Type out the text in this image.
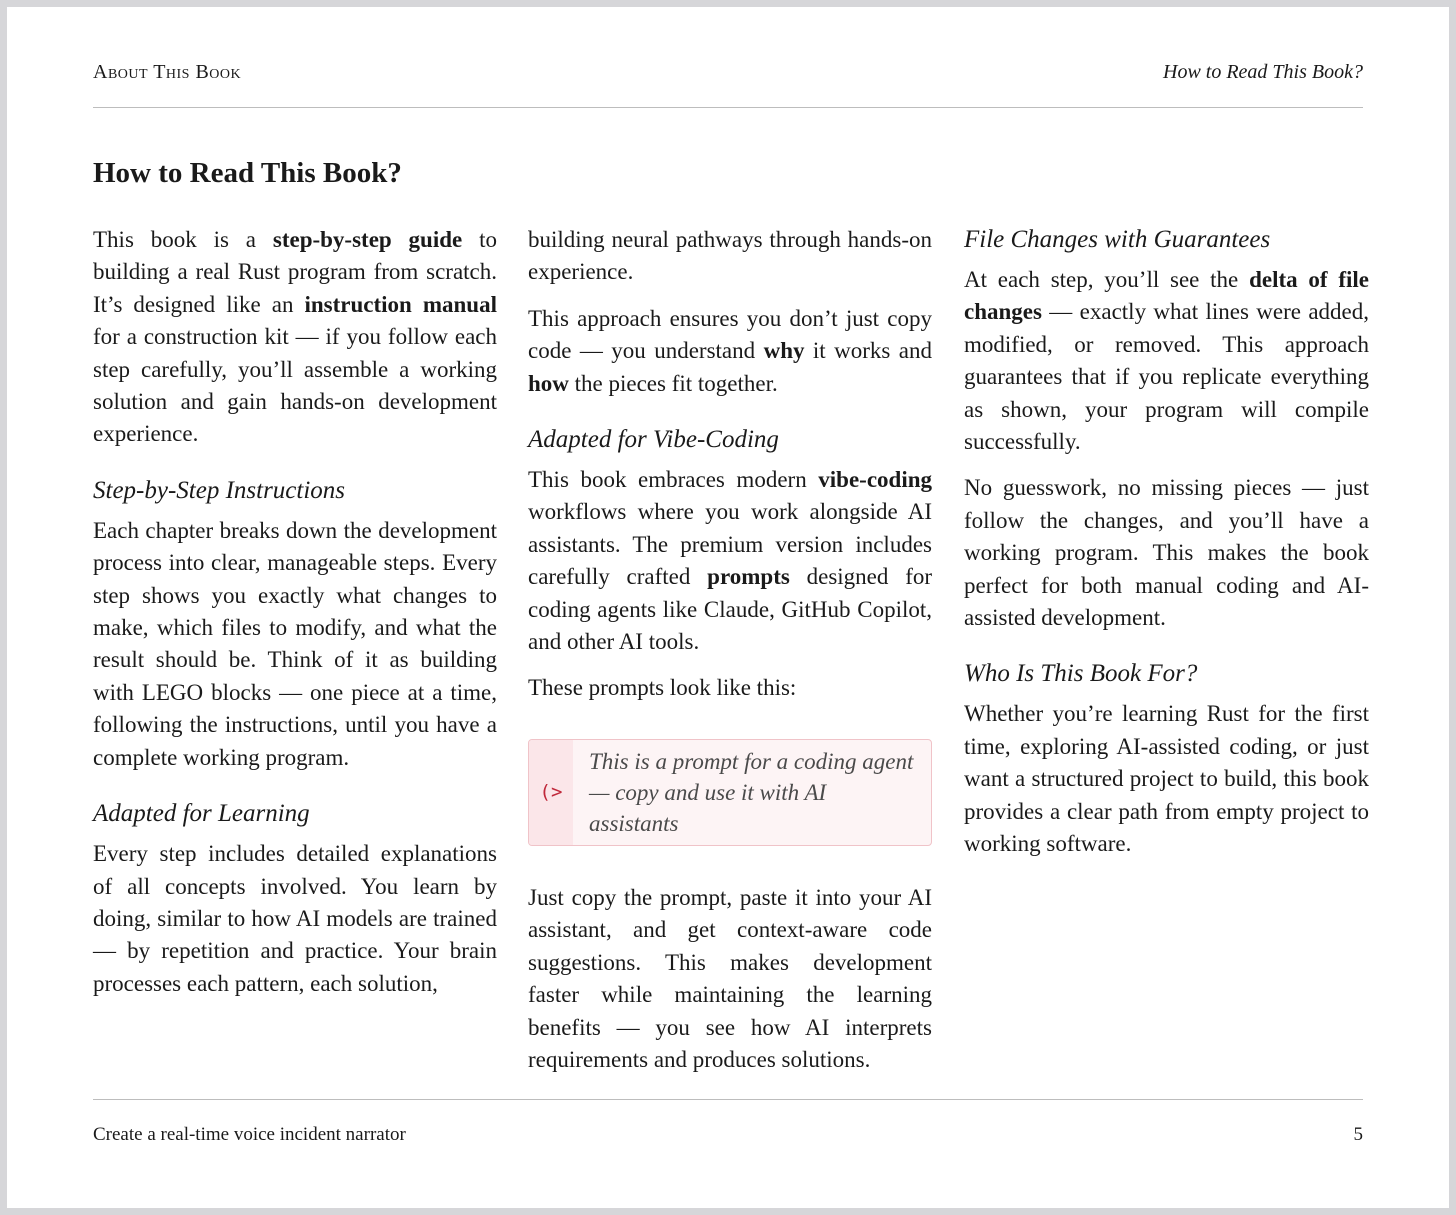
About This Book	How to Read This Book?
How to Read This Book?

This book is a step-by-step guide to building a real Rust program from scratch. It’s designed like an instruction manual for a construction kit — if you follow each step carefully, you’ll assemble a working solution and gain hands-on development experience.

Step-by-Step Instructions

Each chapter breaks down the development process into clear, manageable steps. Every step shows you exactly what changes to make, which files to modify, and what the result should be. Think of it as building with LEGO blocks — one piece at a time, following the instructions, until you have a complete working program.

Adapted for Learning

Every step includes detailed explanations of all concepts involved. You learn by doing, similar to how AI models are trained — by repetition and practice. Your brain processes each pattern, each solution,

building neural pathways through hands-on experience.

This approach ensures you don’t just copy code — you understand why it works and how the pieces fit together.

Adapted for Vibe-Coding

This book embraces modern vibe-coding workflows where you work alongside AI assistants. The premium version includes carefully crafted prompts designed for coding agents like Claude, GitHub Copilot, and other AI tools.

These prompts look like this:

(>
This is a prompt for a coding agent — copy and use it with AI assistants

Just copy the prompt, paste it into your AI assistant, and get context-aware code suggestions. This makes development faster while maintaining the learning benefits — you see how AI interprets requirements and produces solutions.

File Changes with Guarantees

At each step, you’ll see the delta of file changes — exactly what lines were added, modified, or removed. This approach guarantees that if you replicate everything as shown, your program will compile successfully.

No guesswork, no missing pieces — just follow the changes, and you’ll have a working program. This makes the book perfect for both manual coding and AI-assisted development.

Who Is This Book For?

Whether you’re learning Rust for the first time, exploring AI-assisted coding, or just want a structured project to build, this book provides a clear path from empty project to working software.

Create a real-time voice incident narrator	5
